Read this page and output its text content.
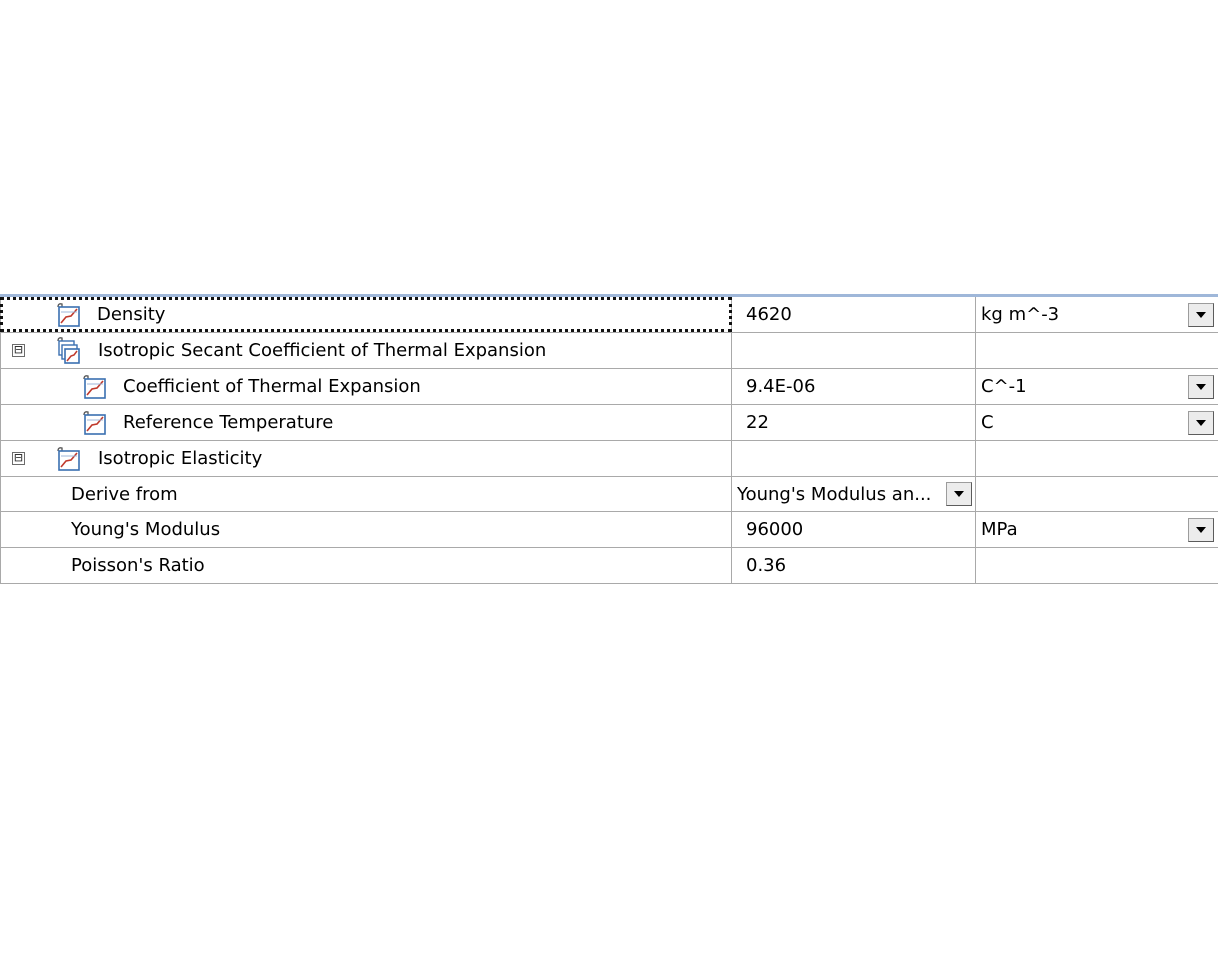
Density	4620	kg m^-3
⊟	Isotropic Secant Coefficient of Thermal Expansion
Coefficient of Thermal Expansion	9.4E-06	C^-1
Reference Temperature	22	C
⊟	Isotropic Elasticity
Derive from	Young's Modulus an...
Young's Modulus	96000	MPa
Poisson's Ratio	0.36
